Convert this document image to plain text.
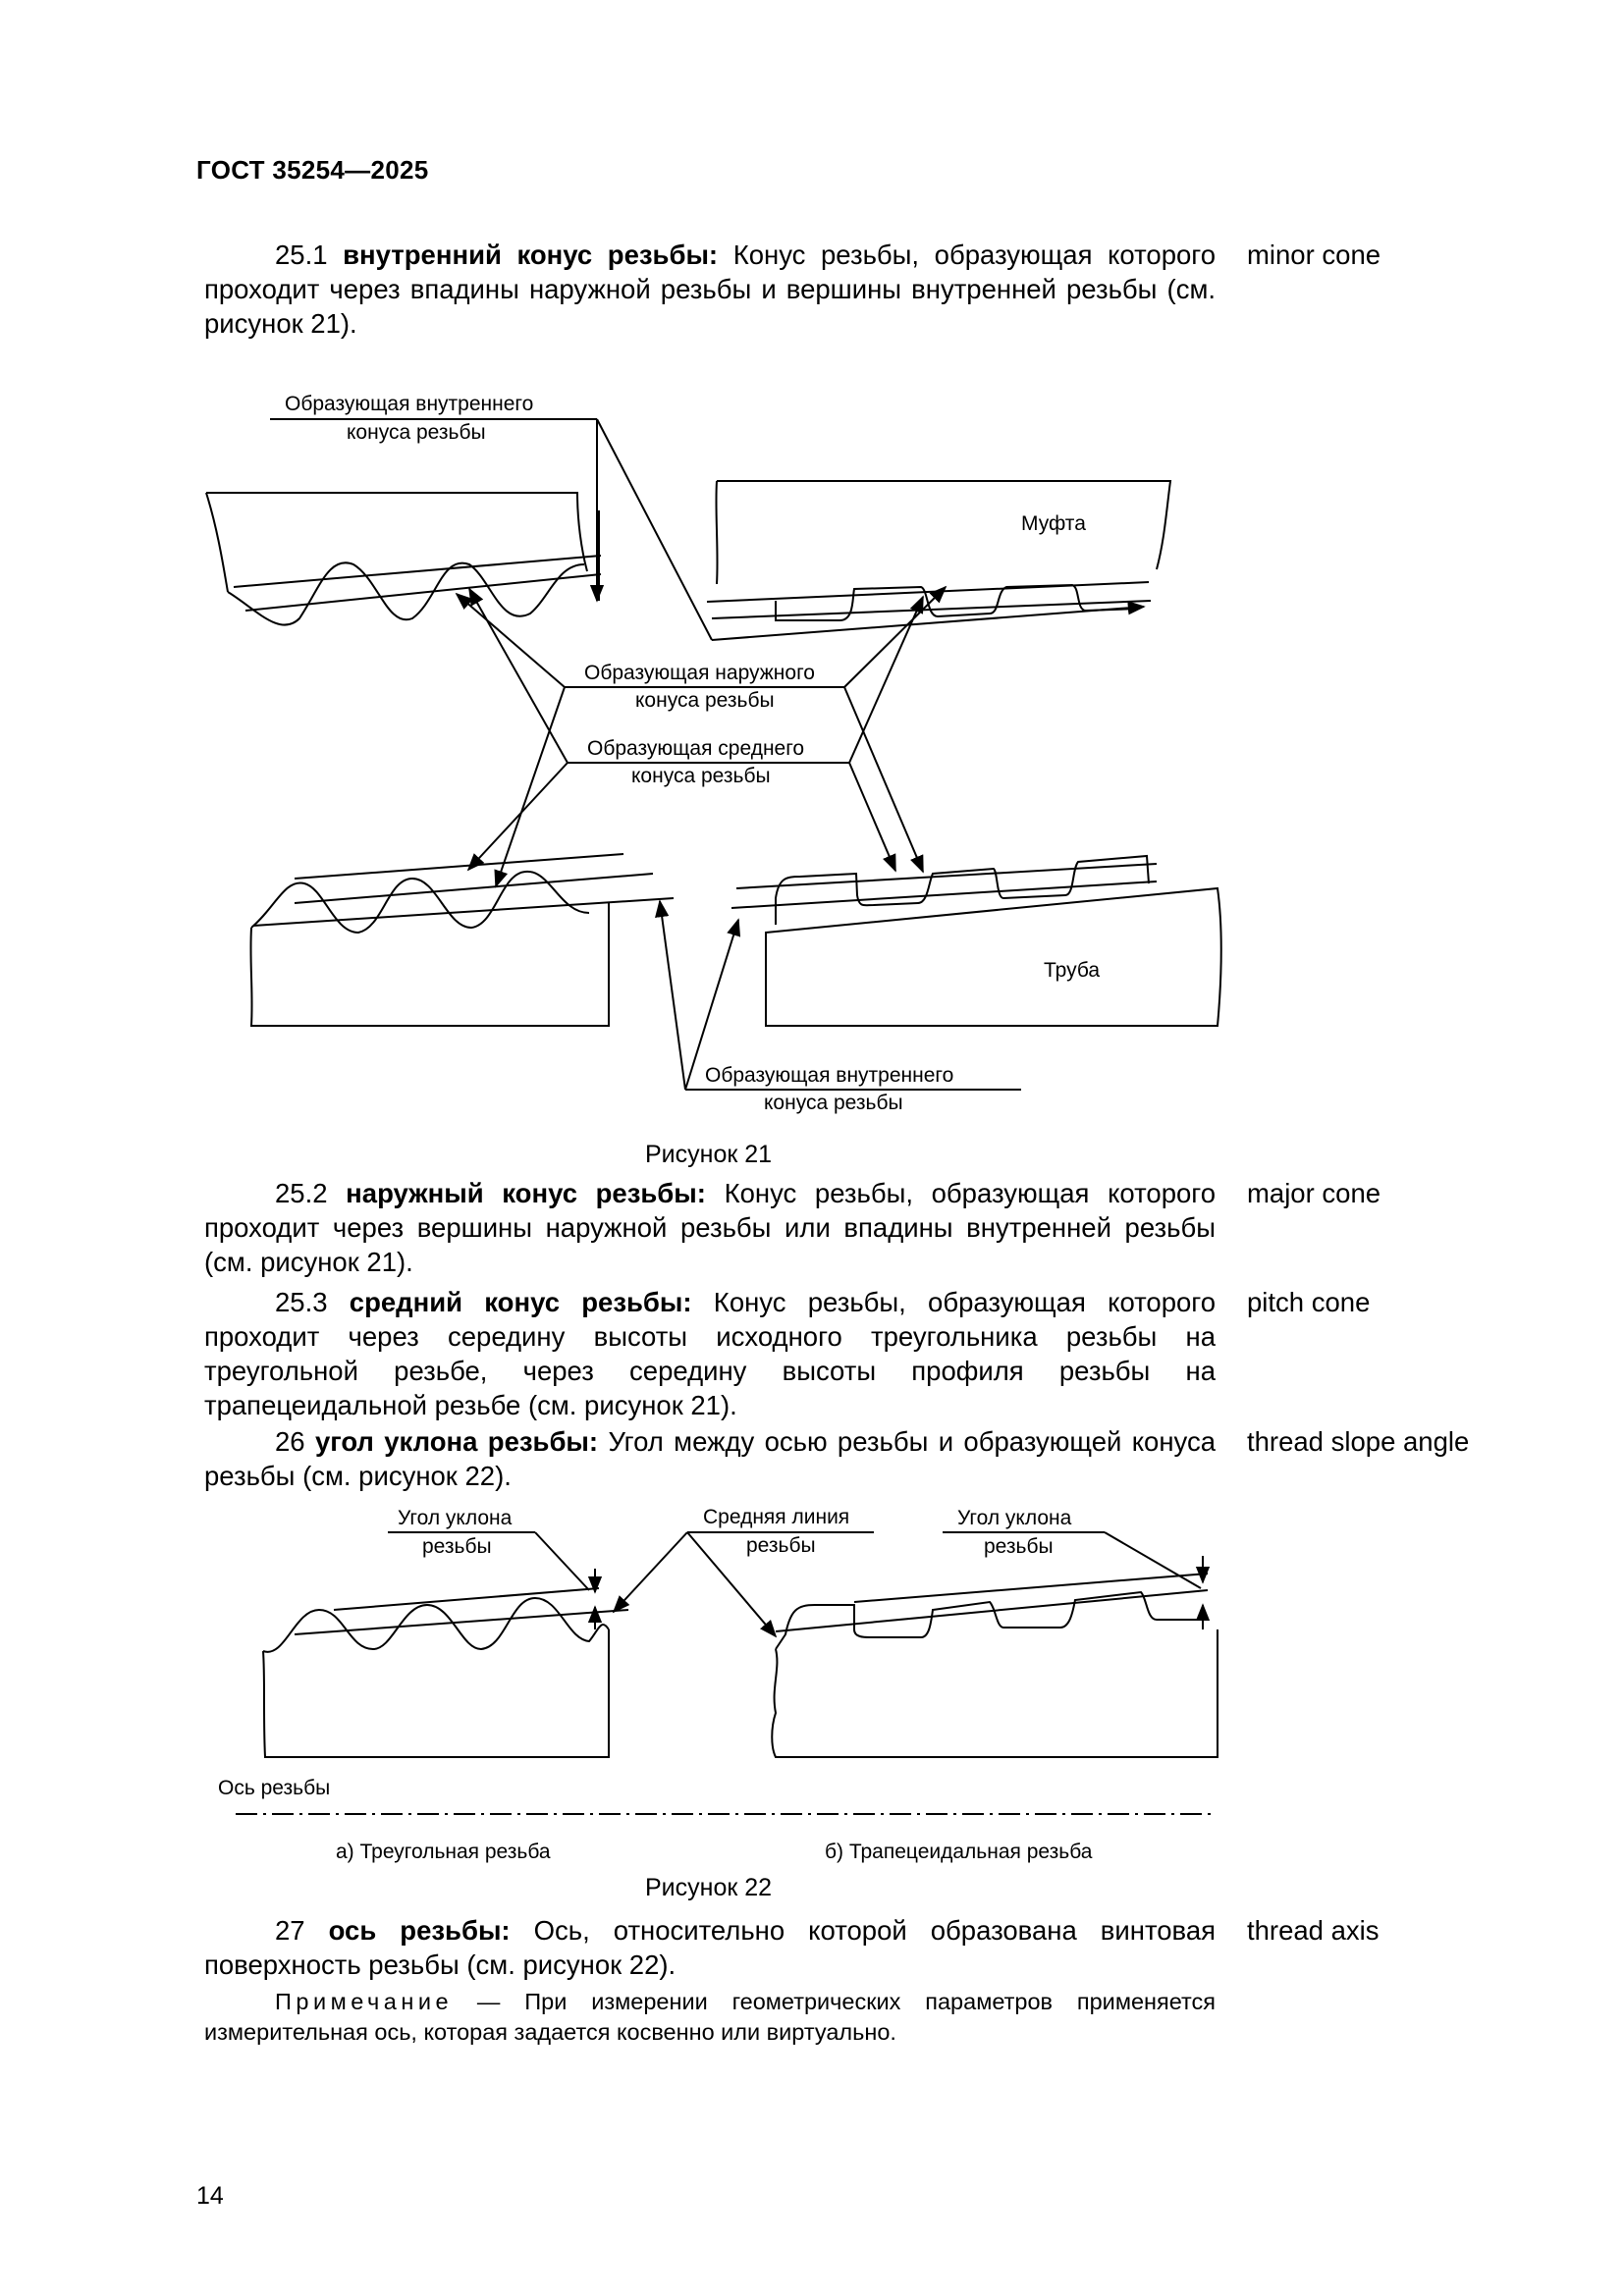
ГОСТ 35254—2025
25.1 внутренний конус резьбы: Конус резьбы, образующая которого проходит через впадины наружной резьбы и вершины внутренней резьбы (см. рисунок 21).
minor cone
Образующая внутреннего
конуса резьбы
Муфта
Образующая наружного
конуса резьбы
Образующая среднего
конуса резьбы
Труба
Образующая внутреннего
конуса резьбы
Рисунок 21
25.2 наружный конус резьбы: Конус резьбы, образующая которого проходит через вершины наружной резьбы или впадины внутренней резьбы (см. рисунок 21).
major cone
25.3 средний конус резьбы: Конус резьбы, образующая которого проходит через середину высоты исходного треугольника резьбы на треугольной резьбе, через середину высоты профиля резьбы на трапецеидальной резьбе (см. рисунок 21).
pitch cone
26 угол уклона резьбы: Угол между осью резьбы и образующей конуса резьбы (см. рисунок 22).
thread slope angle
Угол уклона
резьбы
Средняя линия
резьбы
Угол уклона
резьбы
Ось резьбы
а) Треугольная резьба	б) Трапецеидальная резьба
Рисунок 22
27 ось резьбы: Ось, относительно которой образована винтовая поверхность резьбы (см. рисунок 22).
thread axis
Примечание — При измерении геометрических параметров применяется измерительная ось, которая задается косвенно или виртуально.
14
